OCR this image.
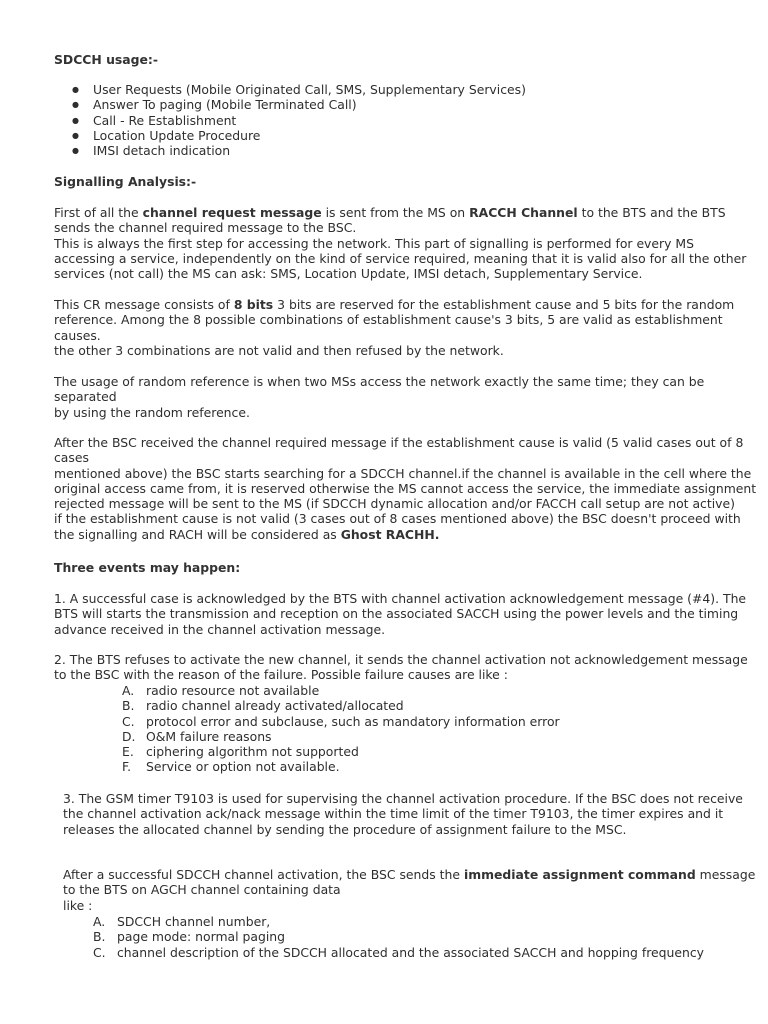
SDCCH usage:-

● User Requests (Mobile Originated Call, SMS, Supplementary Services)
● Answer To paging (Mobile Terminated Call)
● Call - Re Establishment
● Location Update Procedure
● IMSI detach indication

Signalling Analysis:-

First of all the channel request message is sent from the MS on RACCH Channel to the BTS and the BTS
sends the channel required message to the BSC.
This is always the first step for accessing the network. This part of signalling is performed for every MS
accessing a service, independently on the kind of service required, meaning that it is valid also for all the other
services (not call) the MS can ask: SMS, Location Update, IMSI detach, Supplementary Service.
This CR message consists of 8 bits 3 bits are reserved for the establishment cause and 5 bits for the random
reference. Among the 8 possible combinations of establishment cause's 3 bits, 5 are valid as establishment
causes.
the other 3 combinations are not valid and then refused by the network.
The usage of random reference is when two MSs access the network exactly the same time; they can be
separated
by using the random reference.
After the BSC received the channel required message if the establishment cause is valid (5 valid cases out of 8
cases
mentioned above) the BSC starts searching for a SDCCH channel.if the channel is available in the cell where the
original access came from, it is reserved otherwise the MS cannot access the service, the immediate assignment
rejected message will be sent to the MS (if SDCCH dynamic allocation and/or FACCH call setup are not active)
if the establishment cause is not valid (3 cases out of 8 cases mentioned above) the BSC doesn't proceed with
the signalling and RACH will be considered as Ghost RACHH.

Three events may happen:

1. A successful case is acknowledged by the BTS with channel activation acknowledgement message (#4). The
BTS will starts the transmission and reception on the associated SACCH using the power levels and the timing
advance received in the channel activation message.
2. The BTS refuses to activate the new channel, it sends the channel activation not acknowledgement message
to the BSC with the reason of the failure. Possible failure causes are like :
A. radio resource not available
B. radio channel already activated/allocated
C. protocol error and subclause, such as mandatory information error
D. O&M failure reasons
E. ciphering algorithm not supported
F. Service or option not available.
3. The GSM timer T9103 is used for supervising the channel activation procedure. If the BSC does not receive
the channel activation ack/nack message within the time limit of the timer T9103, the timer expires and it
releases the allocated channel by sending the procedure of assignment failure to the MSC.
After a successful SDCCH channel activation, the BSC sends the immediate assignment command message
to the BTS on AGCH channel containing data
like :
A. SDCCH channel number,
B. page mode: normal paging
C. channel description of the SDCCH allocated and the associated SACCH and hopping frequency
